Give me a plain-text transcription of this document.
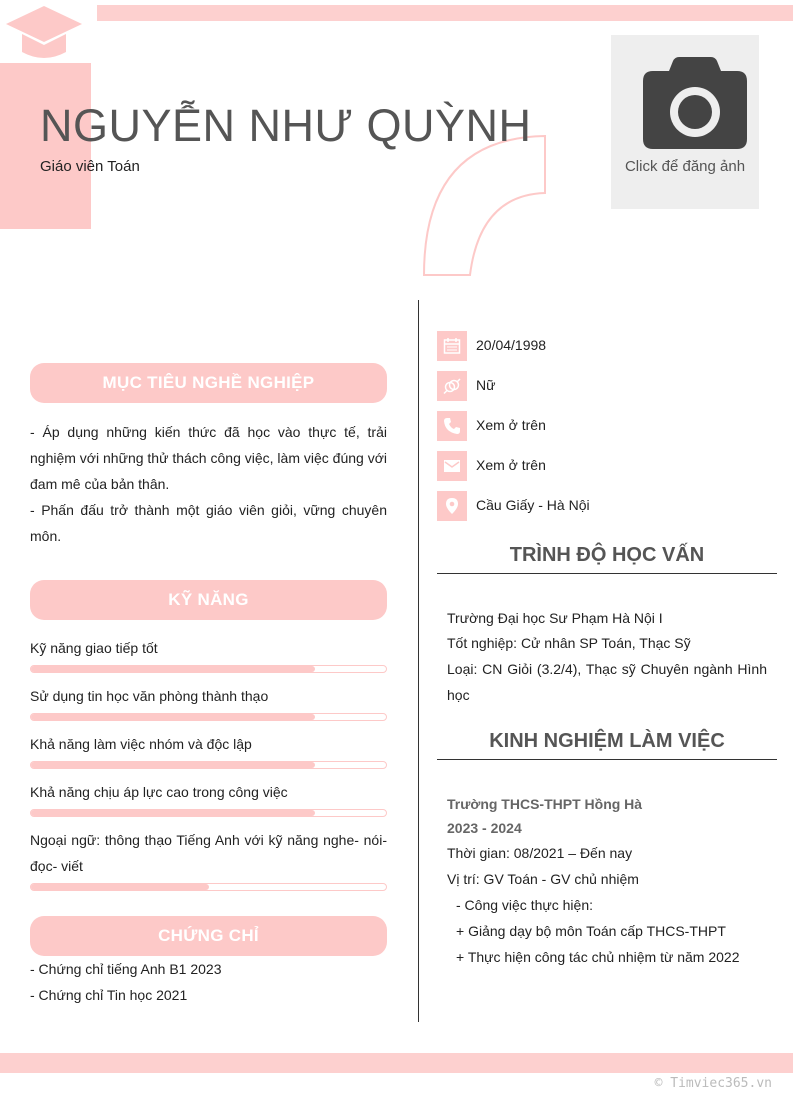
NGUYỄN NHƯ QUỲNH
Giáo viên Toán	Click để đăng ảnh
MỤC TIÊU NGHỀ NGHIỆP
- Áp dụng những kiến thức đã học vào thực tế, trải nghiệm với những thử thách công việc, làm việc đúng với đam mê của bản thân.
- Phấn đấu trở thành một giáo viên giỏi, vững chuyên môn.
KỸ NĂNG
Kỹ năng giao tiếp tốt
Sử dụng tin học văn phòng thành thạo
Khả năng làm việc nhóm và độc lập
Khả năng chịu áp lực cao trong công việc
Ngoại ngữ: thông thạo Tiếng Anh với kỹ năng nghe- nói- đọc- viết
CHỨNG CHỈ
- Chứng chỉ tiếng Anh B1 2023
- Chứng chỉ Tin học 2021
20/04/1998
Nữ
Xem ở trên
Xem ở trên
Cầu Giấy - Hà Nội
TRÌNH ĐỘ HỌC VẤN
Trường Đại học Sư Phạm Hà Nội I
Tốt nghiệp: Cử nhân SP Toán, Thạc Sỹ
Loại: CN Giỏi (3.2/4), Thạc sỹ Chuyên ngành Hình học
KINH NGHIỆM LÀM VIỆC
Trường THCS-THPT Hồng Hà
2023 - 2024
Thời gian: 08/2021 – Đến nay
Vị trí: GV Toán - GV chủ nhiệm
- Công việc thực hiện:
+ Giảng dạy bộ môn Toán cấp THCS-THPT
+ Thực hiện công tác chủ nhiệm từ năm 2022
© Timviec365.vn
